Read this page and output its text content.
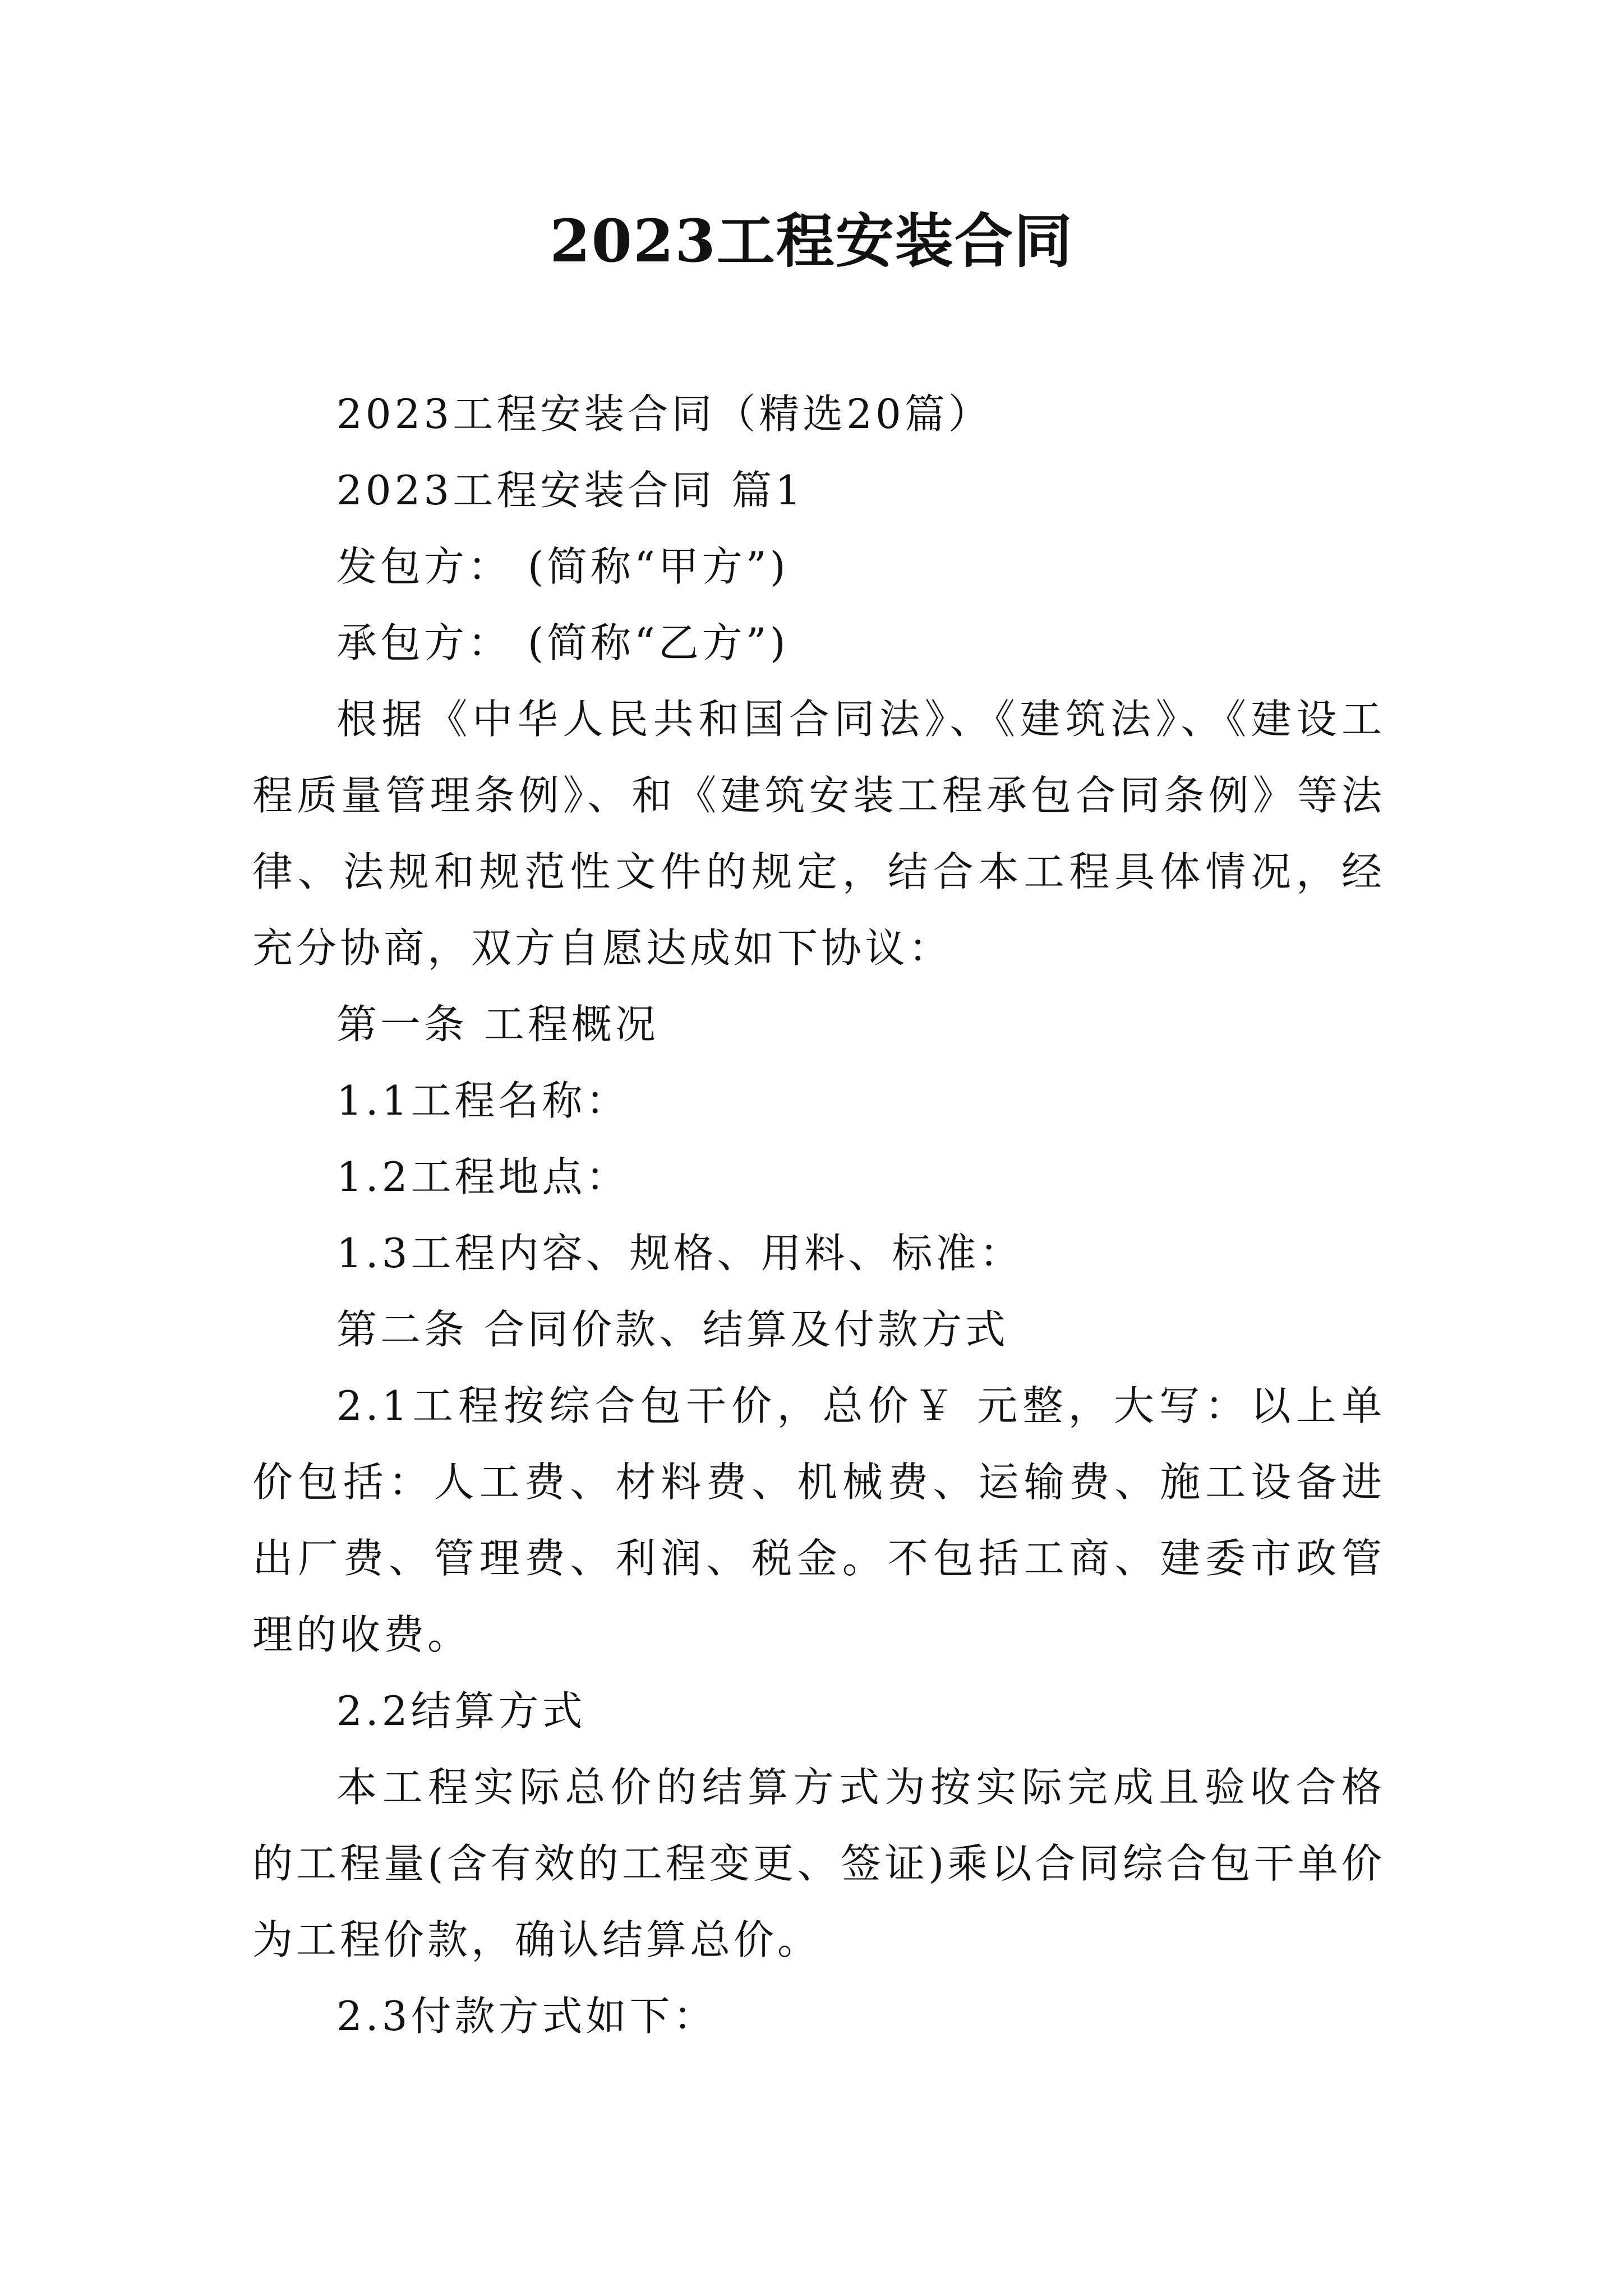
2023工程安装合同

2023工程安装合同（精选20篇）

2023工程安装合同 篇1

发包方： (简称“甲方”)

承包方： (简称“乙方”)

根据《中华人民共和国合同法》、《建筑法》、《建设工程质量管理条例》、和《建筑安装工程承包合同条例》等法律、法规和规范性文件的规定，结合本工程具体情况，经充分协商，双方自愿达成如下协议：

第一条 工程概况

1.1工程名称：

1.2工程地点：

1.3工程内容、规格、用料、标准：

第二条 合同价款、结算及付款方式

2.1工程按综合包干价，总价￥ 元整，大写：以上单价包括：人工费、材料费、机械费、运输费、施工设备进出厂费、管理费、利润、税金。不包括工商、建委市政管理的收费。

2.2结算方式

本工程实际总价的结算方式为按实际完成且验收合格的工程量(含有效的工程变更、签证)乘以合同综合包干单价为工程价款，确认结算总价。

2.3付款方式如下：
